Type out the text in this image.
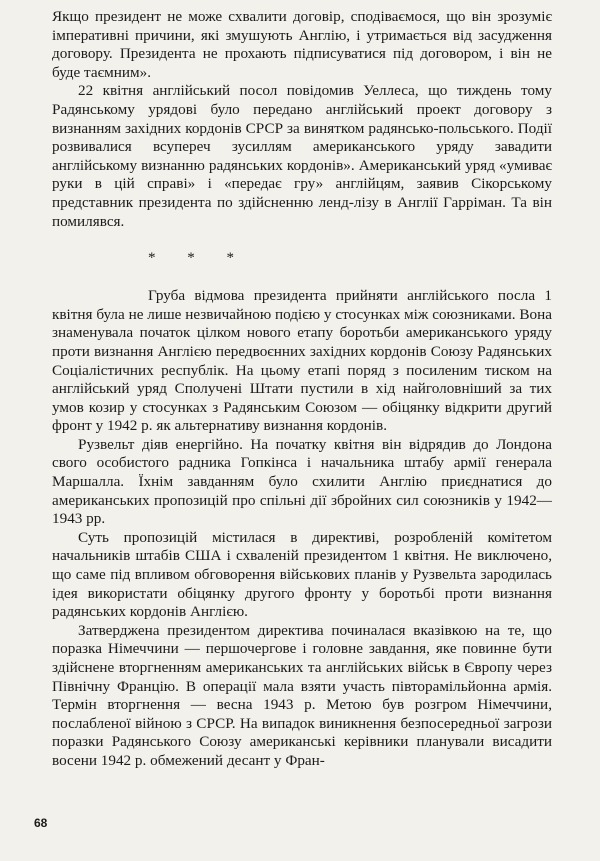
Якщо президент не може схвалити договір, сподіваємося, що він зрозуміє імперативні причини, які змушують Англію, і утримається від засудження договору. Президента не прохають підписуватися під договором, і він не буде таємним».

22 квітня англійський посол повідомив Уеллеса, що тиждень тому Радянському урядові було передано англійський проект договору з визнанням західних кордонів СРСР за винятком радянсько-польського. Події розвивалися всупереч зусиллям американського уряду завадити англійському визнанню радянських кордонів». Американський уряд «умиває руки в цій справі» і «передає гру» англійцям, заявив Сікорському представник президента по здійсненню ленд-лізу в Англії Гарріман. Та він помилявся.

* * *

Груба відмова президента прийняти англійського посла 1 квітня була не лише незвичайною подією у стосунках між союзниками. Вона знаменувала початок цілком нового етапу боротьби американського уряду проти визнання Англією передвоєнних західних кордонів Союзу Радянських Соціалістичних республік. На цьому етапі поряд з посиленим тиском на англійський уряд Сполучені Штати пустили в хід найголовніший за тих умов козир у стосунках з Радянським Союзом — обіцянку відкрити другий фронт у 1942 р. як альтернативу визнання кордонів.

Рузвельт діяв енергійно. На початку квітня він відрядив до Лондона свого особистого радника Гопкінса і начальника штабу армії генерала Маршалла. Їхнім завданням було схилити Англію приєднатися до американських пропозицій про спільні дії збройних сил союзників у 1942—1943 рр.

Суть пропозицій містилася в директиві, розробленій комітетом начальників штабів США і схваленій президентом 1 квітня. Не виключено, що саме під впливом обговорення військових планів у Рузвельта зародилась ідея використати обіцянку другого фронту у боротьбі проти визнання радянських кордонів Англією.

Затверджена президентом директива починалася вказівкою на те, що поразка Німеччини — першочергове і головне завдання, яке повинне бути здійснене вторгненням американських та англійських військ в Європу через Північну Францію. В операції мала взяти участь півторамільйонна армія. Термін вторгнення — весна 1943 р. Метою був розгром Німеччини, послабленої війною з СРСР. На випадок виникнення безпосередньої загрози поразки Радянського Союзу американські керівники планували висадити восени 1942 р. обмежений десант у Фран-

68
